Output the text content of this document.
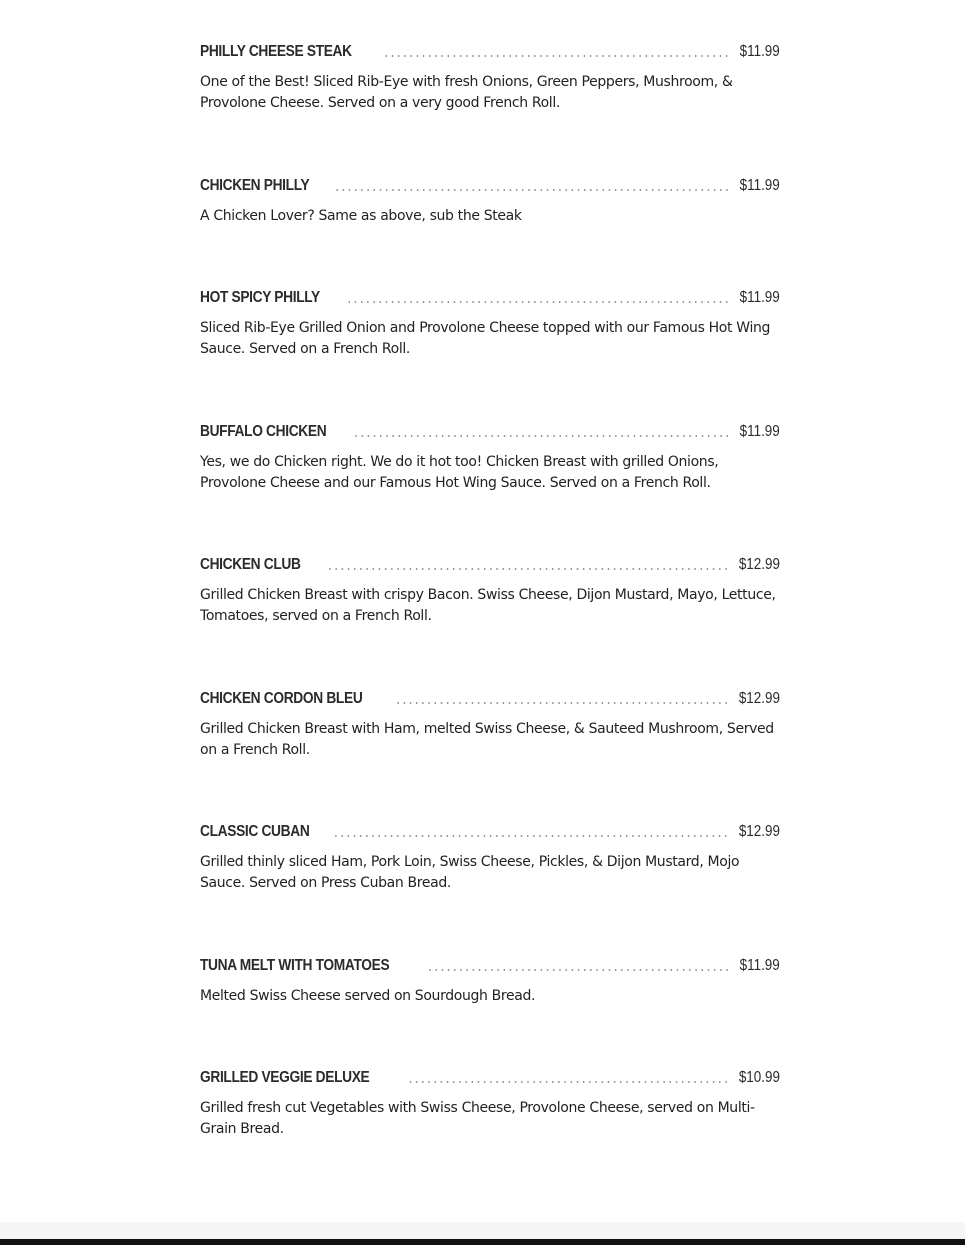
PHILLY CHEESE STEAK	$11.99
One of the Best! Sliced Rib-Eye with fresh Onions, Green Peppers, Mushroom, & Provolone Cheese. Served on a very good French Roll.
CHICKEN PHILLY	$11.99
A Chicken Lover? Same as above, sub the Steak
HOT SPICY PHILLY	$11.99
Sliced Rib-Eye Grilled Onion and Provolone Cheese topped with our Famous Hot Wing Sauce. Served on a French Roll.
BUFFALO CHICKEN	$11.99
Yes, we do Chicken right. We do it hot too! Chicken Breast with grilled Onions, Provolone Cheese and our Famous Hot Wing Sauce. Served on a French Roll.
CHICKEN CLUB	$12.99
Grilled Chicken Breast with crispy Bacon. Swiss Cheese, Dijon Mustard, Mayo, Lettuce, Tomatoes, served on a French Roll.
CHICKEN CORDON BLEU	$12.99
Grilled Chicken Breast with Ham, melted Swiss Cheese, & Sauteed Mushroom, Served on a French Roll.
CLASSIC CUBAN	$12.99
Grilled thinly sliced Ham, Pork Loin, Swiss Cheese, Pickles, & Dijon Mustard, Mojo Sauce. Served on Press Cuban Bread.
TUNA MELT WITH TOMATOES	$11.99
Melted Swiss Cheese served on Sourdough Bread.
GRILLED VEGGIE DELUXE	$10.99
Grilled fresh cut Vegetables with Swiss Cheese, Provolone Cheese, served on Multi-Grain Bread.
